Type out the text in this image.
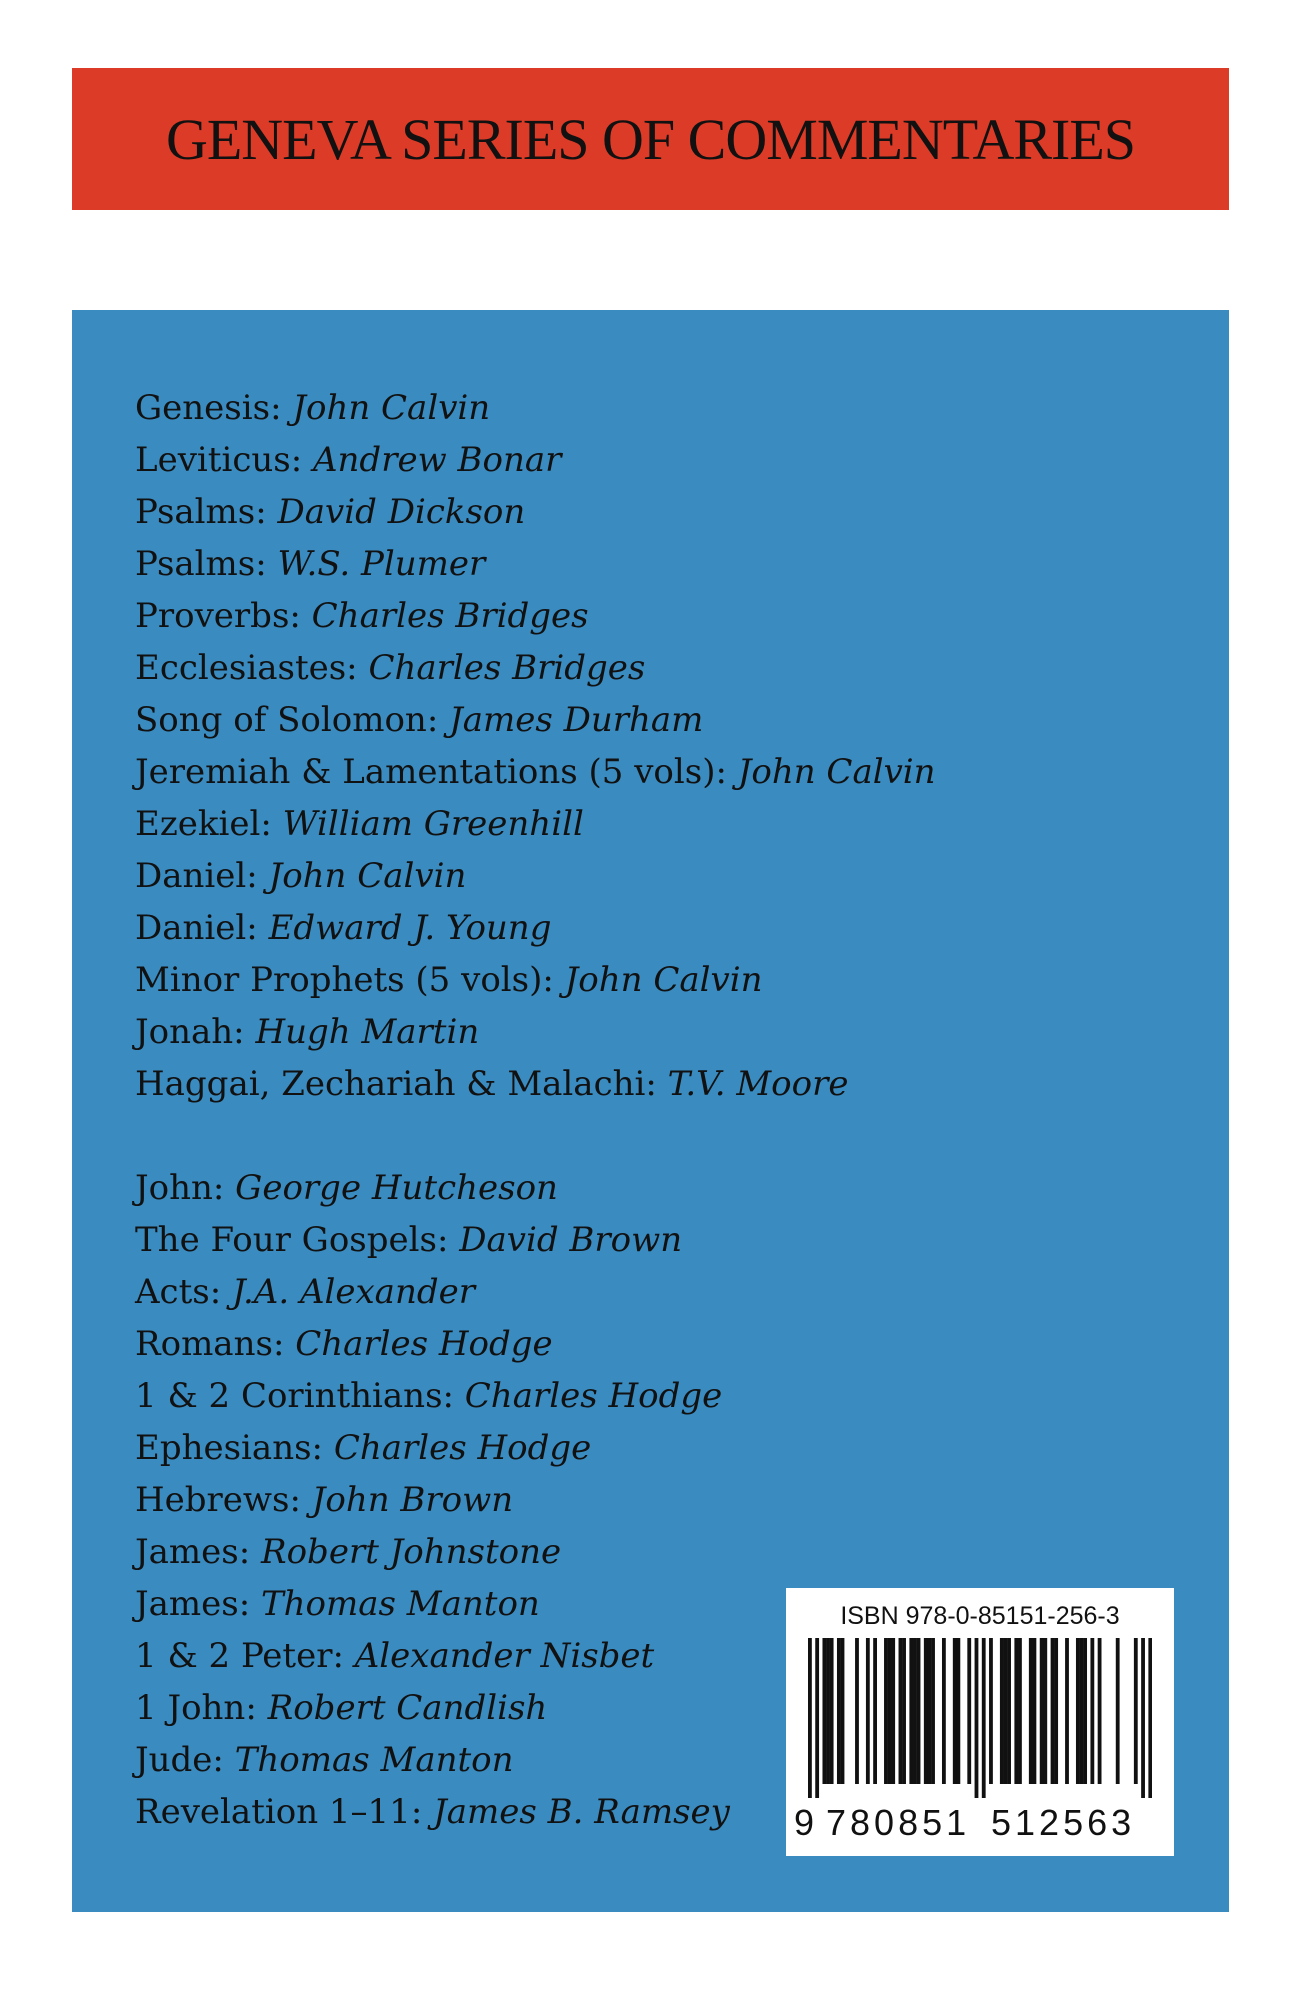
GENEVA SERIES OF COMMENTARIES
Genesis: John Calvin
Leviticus: Andrew Bonar
Psalms: David Dickson
Psalms: W.S. Plumer
Proverbs: Charles Bridges
Ecclesiastes: Charles Bridges
Song of Solomon: James Durham
Jeremiah & Lamentations (5 vols): John Calvin
Ezekiel: William Greenhill
Daniel: John Calvin
Daniel: Edward J. Young
Minor Prophets (5 vols): John Calvin
Jonah: Hugh Martin
Haggai, Zechariah & Malachi: T.V. Moore
John: George Hutcheson
The Four Gospels: David Brown
Acts: J.A. Alexander
Romans: Charles Hodge
1 & 2 Corinthians: Charles Hodge
Ephesians: Charles Hodge
Hebrews: John Brown
James: Robert Johnstone
James: Thomas Manton
1 & 2 Peter: Alexander Nisbet
1 John: Robert Candlish
Jude: Thomas Manton
Revelation 1–11: James B. Ramsey
ISBN 978-0-85151-256-3
9 780851 512563
